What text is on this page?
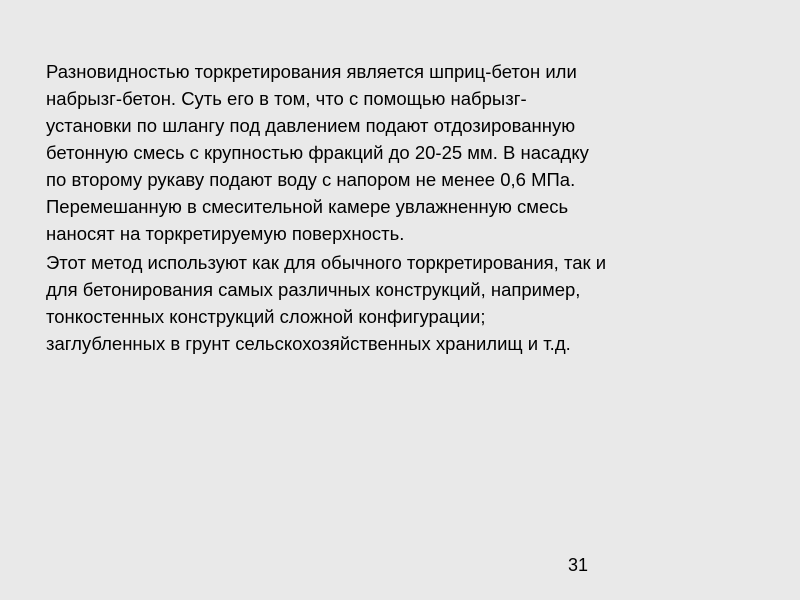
Разновидностью торкретирования является шприц-бетон или
набрызг-бетон. Суть его в том, что с помощью набрызг-
установки по шлангу под давлением подают отдозированную
бетонную смесь с крупностью фракций до 20-25 мм. В насадку
по второму рукаву подают воду с напором не менее 0,6 МПа.
Перемешанную в смесительной камере увлажненную смесь
наносят на торкретируемую поверхность.

Этот метод используют как для обычного торкретирования, так и
для бетонирования самых различных конструкций, например,
тонкостенных конструкций сложной конфигурации;
заглубленных в грунт сельскохозяйственных хранилищ и т.д.

31
